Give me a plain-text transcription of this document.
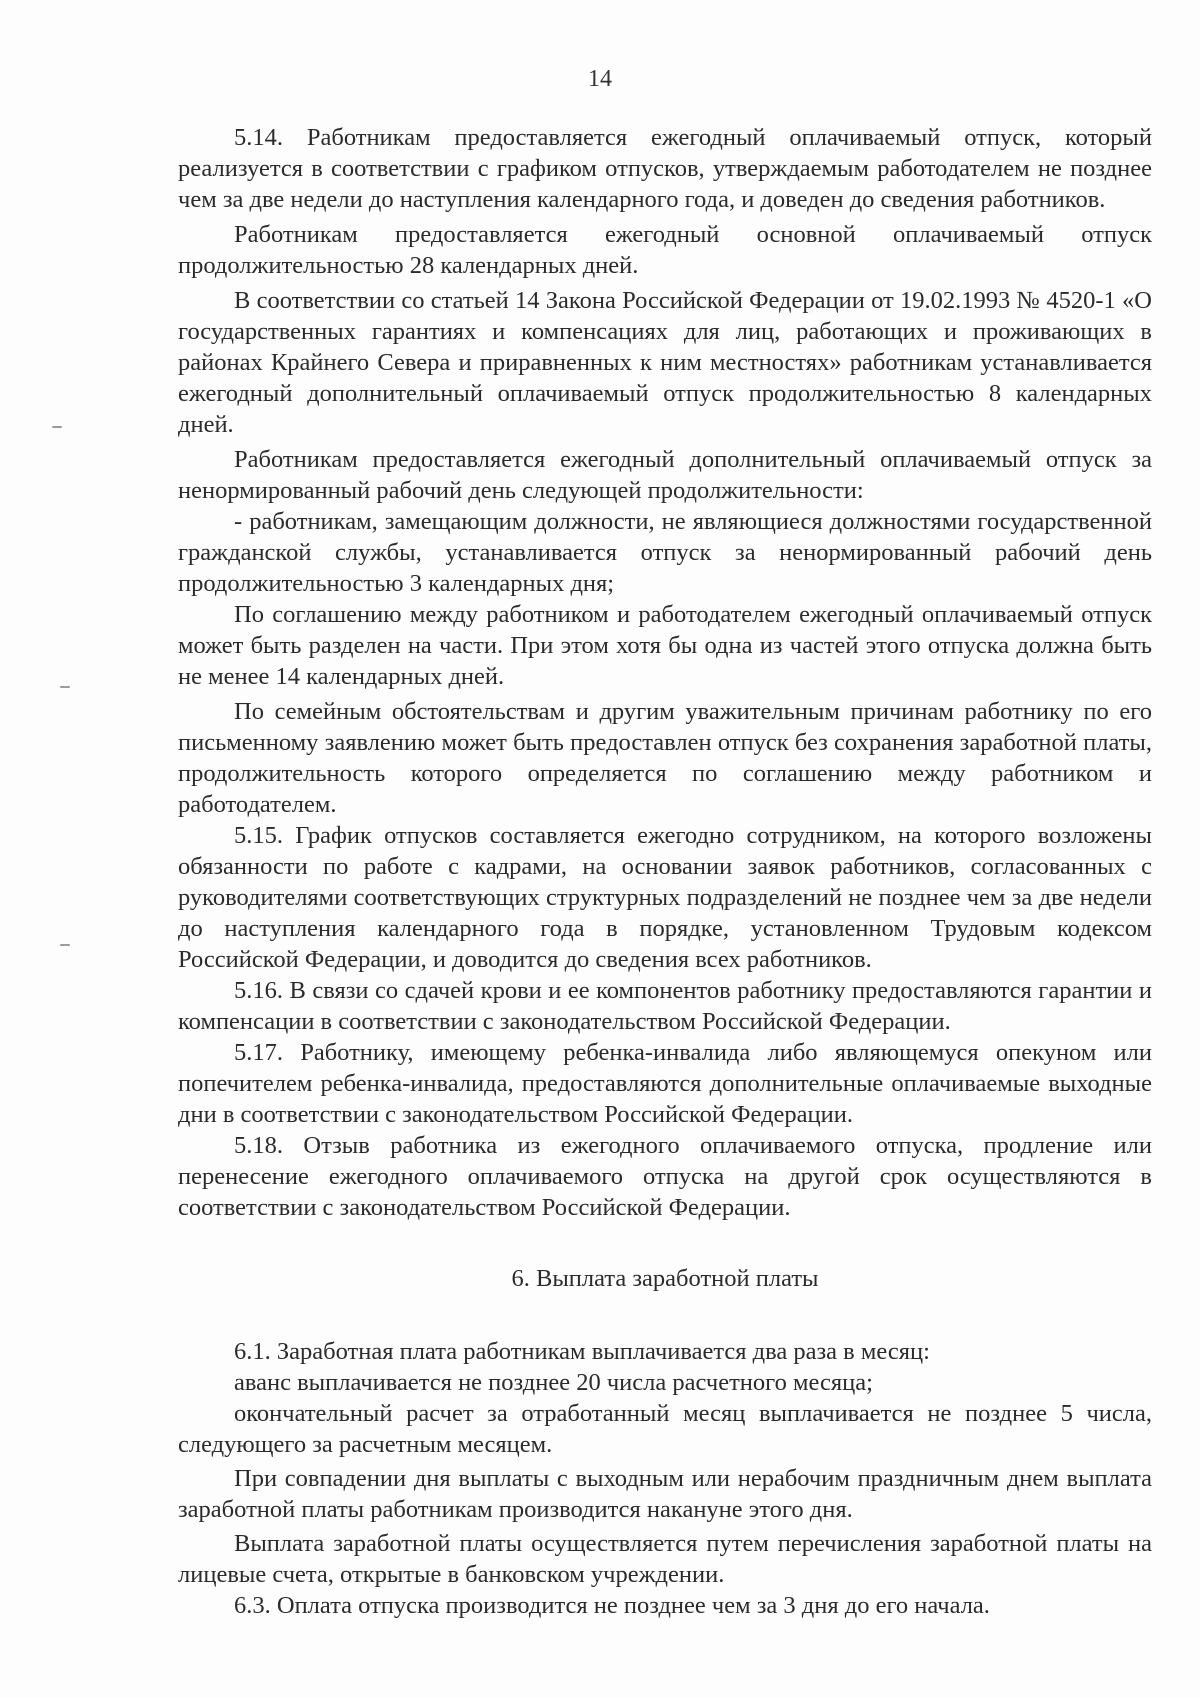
14

5.14. Работникам предоставляется ежегодный оплачиваемый отпуск, который реализуется в соответствии с графиком отпусков, утверждаемым работодателем не позднее чем за две недели до наступления календарного года, и доведен до сведения работников.

Работникам предоставляется ежегодный основной оплачиваемый отпуск продолжительностью 28 календарных дней.

В соответствии со статьей 14 Закона Российской Федерации от 19.02.1993 № 4520-1 «О государственных гарантиях и компенсациях для лиц, работающих и проживающих в районах Крайнего Севера и приравненных к ним местностях» работникам устанавливается ежегодный дополнительный оплачиваемый отпуск продолжительностью 8 календарных дней.

Работникам предоставляется ежегодный дополнительный оплачиваемый отпуск за ненормированный рабочий день следующей продолжительности:

- работникам, замещающим должности, не являющиеся должностями государственной гражданской службы, устанавливается отпуск за ненормированный рабочий день продолжительностью 3 календарных дня;

По соглашению между работником и работодателем ежегодный оплачиваемый отпуск может быть разделен на части. При этом хотя бы одна из частей этого отпуска должна быть не менее 14 календарных дней.

По семейным обстоятельствам и другим уважительным причинам работнику по его письменному заявлению может быть предоставлен отпуск без сохранения заработной платы, продолжительность которого определяется по соглашению между работником и работодателем.

5.15. График отпусков составляется ежегодно сотрудником, на которого возложены обязанности по работе с кадрами, на основании заявок работников, согласованных с руководителями соответствующих структурных подразделений не позднее чем за две недели до наступления календарного года в порядке, установленном Трудовым кодексом Российской Федерации, и доводится до сведения всех работников.

5.16. В связи со сдачей крови и ее компонентов работнику предоставляются гарантии и компенсации в соответствии с законодательством Российской Федерации.

5.17. Работнику, имеющему ребенка-инвалида либо являющемуся опекуном или попечителем ребенка-инвалида, предоставляются дополнительные оплачиваемые выходные дни в соответствии с законодательством Российской Федерации.

5.18. Отзыв работника из ежегодного оплачиваемого отпуска, продление или перенесение ежегодного оплачиваемого отпуска на другой срок осуществляются в соответствии с законодательством Российской Федерации.

6. Выплата заработной платы

6.1. Заработная плата работникам выплачивается два раза в месяц:

аванс выплачивается не позднее 20 числа расчетного месяца;

окончательный расчет за отработанный месяц выплачивается не позднее 5 числа, следующего за расчетным месяцем.

При совпадении дня выплаты с выходным или нерабочим праздничным днем выплата заработной платы работникам производится накануне этого дня.

Выплата заработной платы осуществляется путем перечисления заработной платы на лицевые счета, открытые в банковском учреждении.

6.3. Оплата отпуска производится не позднее чем за 3 дня до его начала.
